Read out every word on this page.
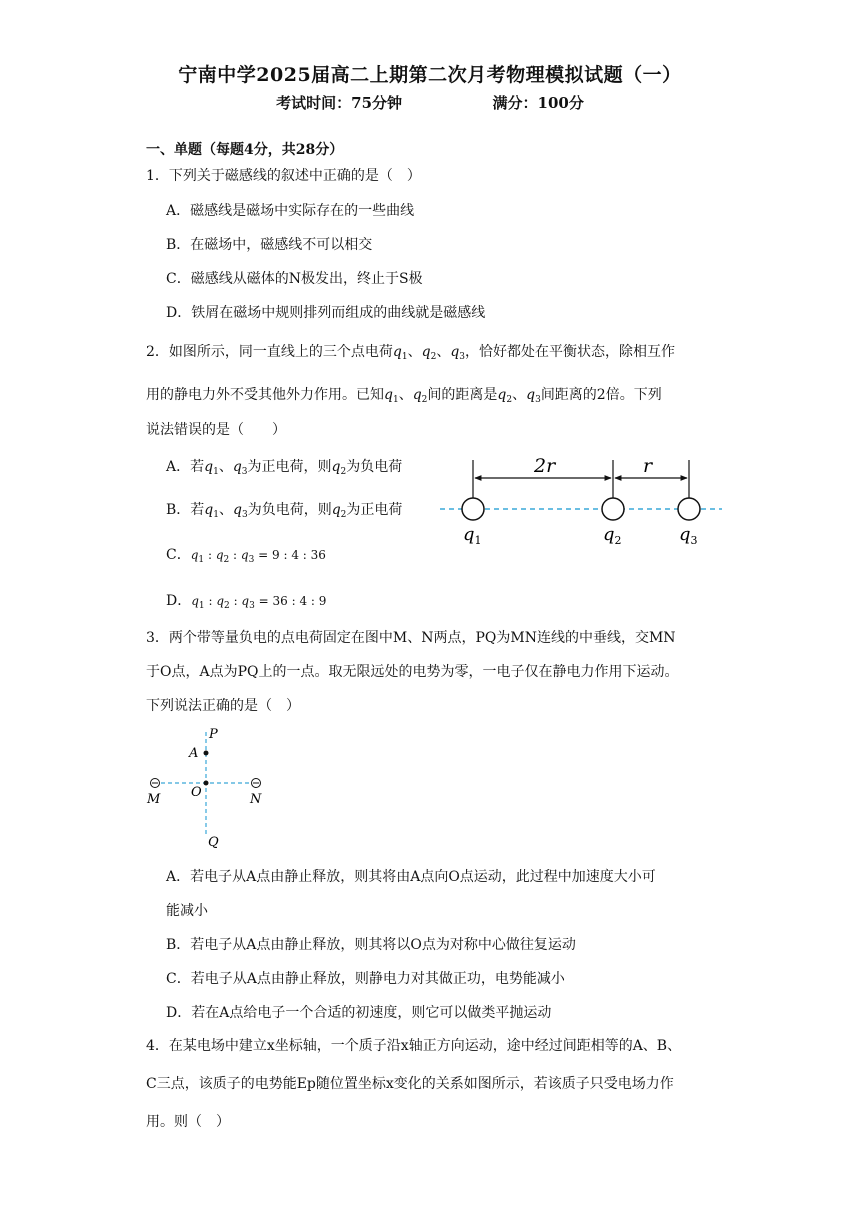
宁南中学2025届高二上期第二次月考物理模拟试题（一）
考试时间：75分钟	满分：100分
一、单题（每题4分，共28分）
1．下列关于磁感线的叙述中正确的是（　）
A．磁感线是磁场中实际存在的一些曲线
B．在磁场中，磁感线不可以相交
C．磁感线从磁体的N极发出，终止于S极
D．铁屑在磁场中规则排列而组成的曲线就是磁感线
2．如图所示，同一直线上的三个点电荷$q_1$、$q_2$、$q_3$，恰好都处在平衡状态，除相互作
用的静电力外不受其他外力作用。已知$q_1$、$q_2$间的距离是$q_2$、$q_3$间距离的2倍。下列
说法错误的是（　　）
A．若$q_1$、$q_3$为正电荷，则$q_2$为负电荷
B．若$q_1$、$q_3$为负电荷，则$q_2$为正电荷
C．$q_1$ : $q_2$ : $q_3 = 9$ : 4 : 36
D．$q_1$ : $q_2$ : $q_3 = 36$ : 4 : 9
2r	r
$q_1$	$q_2$	$q_3$
3．两个带等量负电的点电荷固定在图中M、N两点，PQ为MN连线的中垂线，交MN
于O点，A点为PQ上的一点。取无限远处的电势为零，一电子仅在静电力作用下运动。
下列说法正确的是（　）
P
A
O
M	N
Q
A．若电子从A点由静止释放，则其将由A点向O点运动，此过程中加速度大小可
能减小
B．若电子从A点由静止释放，则其将以O点为对称中心做往复运动
C．若电子从A点由静止释放，则静电力对其做正功，电势能减小
D．若在A点给电子一个合适的初速度，则它可以做类平抛运动
4．在某电场中建立x坐标轴，一个质子沿x轴正方向运动，途中经过间距相等的A、B、
C三点，该质子的电势能Ep随位置坐标x变化的关系如图所示，若该质子只受电场力作
用。则（　）
